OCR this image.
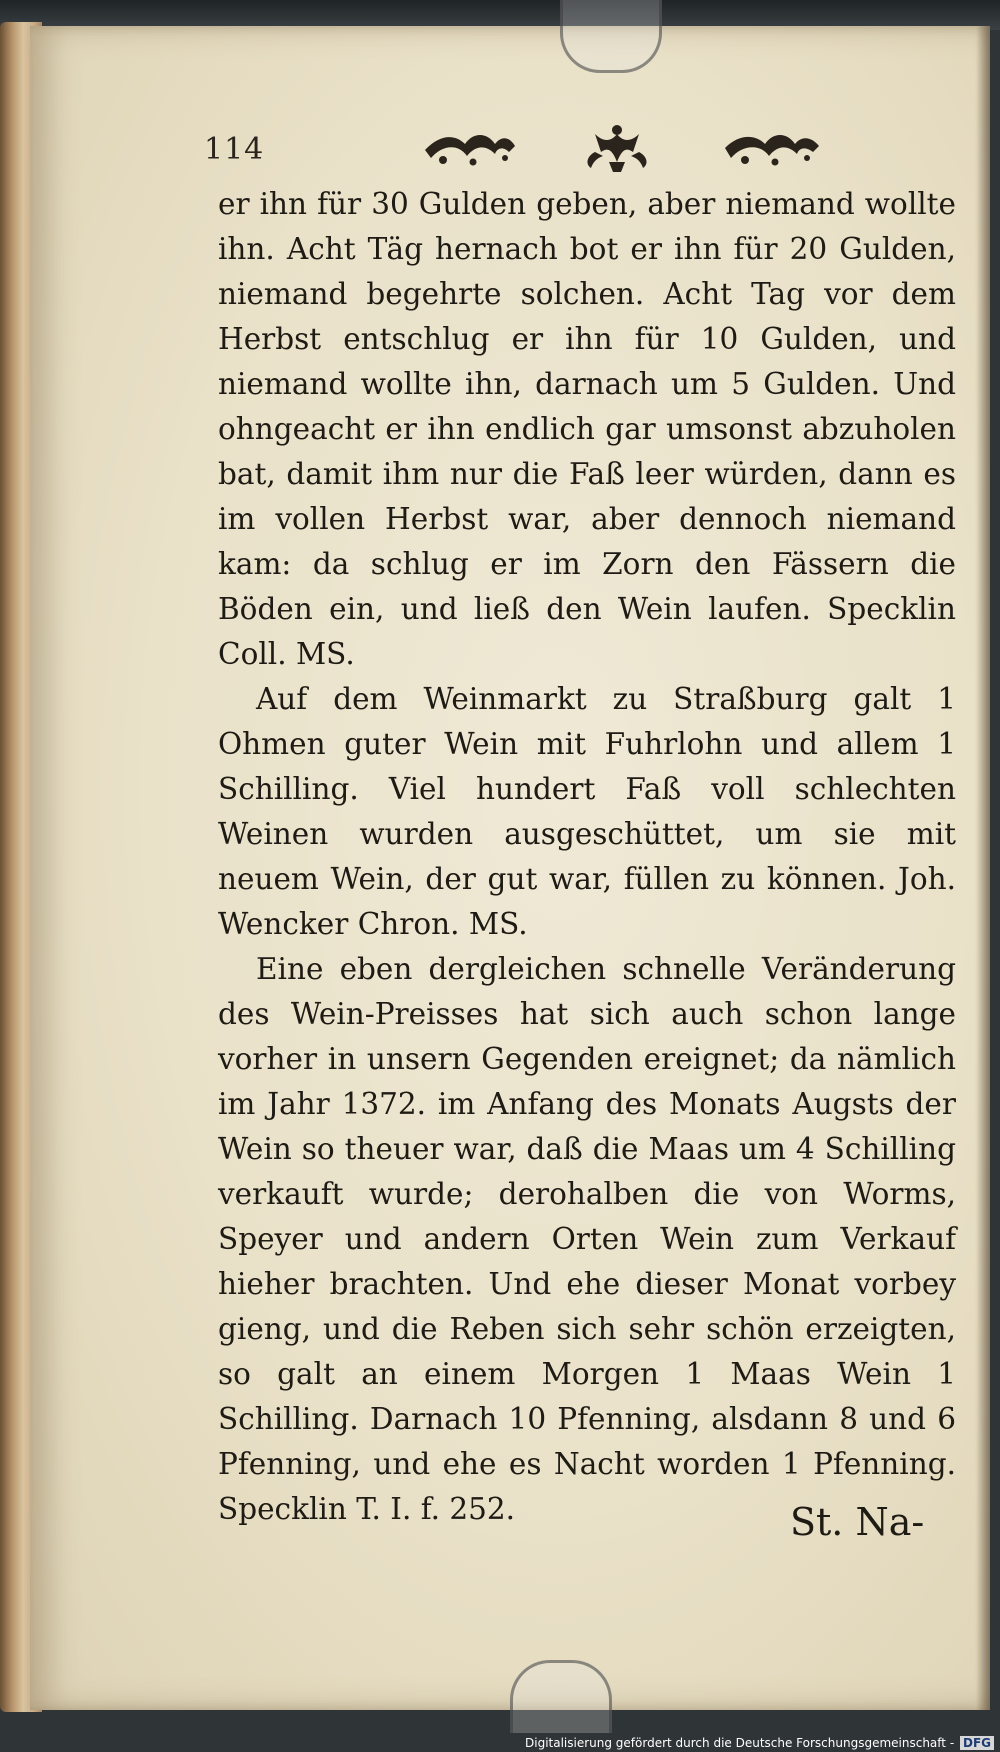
114

er ihn für 30 Gulden geben, aber niemand wollte ihn. Acht Täg hernach bot er ihn für 20 Gulden, niemand begehrte solchen. Acht Tag vor dem Herbst entschlug er ihn für 10 Gulden, und niemand wollte ihn, darnach um 5 Gulden. Und ohngeacht er ihn endlich gar umsonst abzuholen bat, damit ihm nur die Faß leer würden, dann es im vollen Herbst war, aber dennoch niemand kam: da schlug er im Zorn den Fässern die Böden ein, und ließ den Wein laufen. Specklin Coll. MS.

Auf dem Weinmarkt zu Straßburg galt 1 Ohmen guter Wein mit Fuhrlohn und allem 1 Schilling. Viel hundert Faß voll schlechten Weinen wurden ausgeschüttet, um sie mit neuem Wein, der gut war, füllen zu können. Joh. Wencker Chron. MS.

Eine eben dergleichen schnelle Veränderung des Wein-Preisses hat sich auch schon lange vorher in unsern Gegenden ereignet; da nämlich im Jahr 1372. im Anfang des Monats Augsts der Wein so theuer war, daß die Maas um 4 Schilling verkauft wurde; derohalben die von Worms, Speyer und andern Orten Wein zum Verkauf hieher brachten. Und ehe dieser Monat vorbey gieng, und die Reben sich sehr schön erzeigten, so galt an einem Morgen 1 Maas Wein 1 Schilling. Darnach 10 Pfenning, alsdann 8 und 6 Pfenning, und ehe es Nacht worden 1 Pfenning. Specklin T. I. f. 252.	St. Na-
Digitalisierung gefördert durch die Deutsche Forschungsgemeinschaft - DFG
